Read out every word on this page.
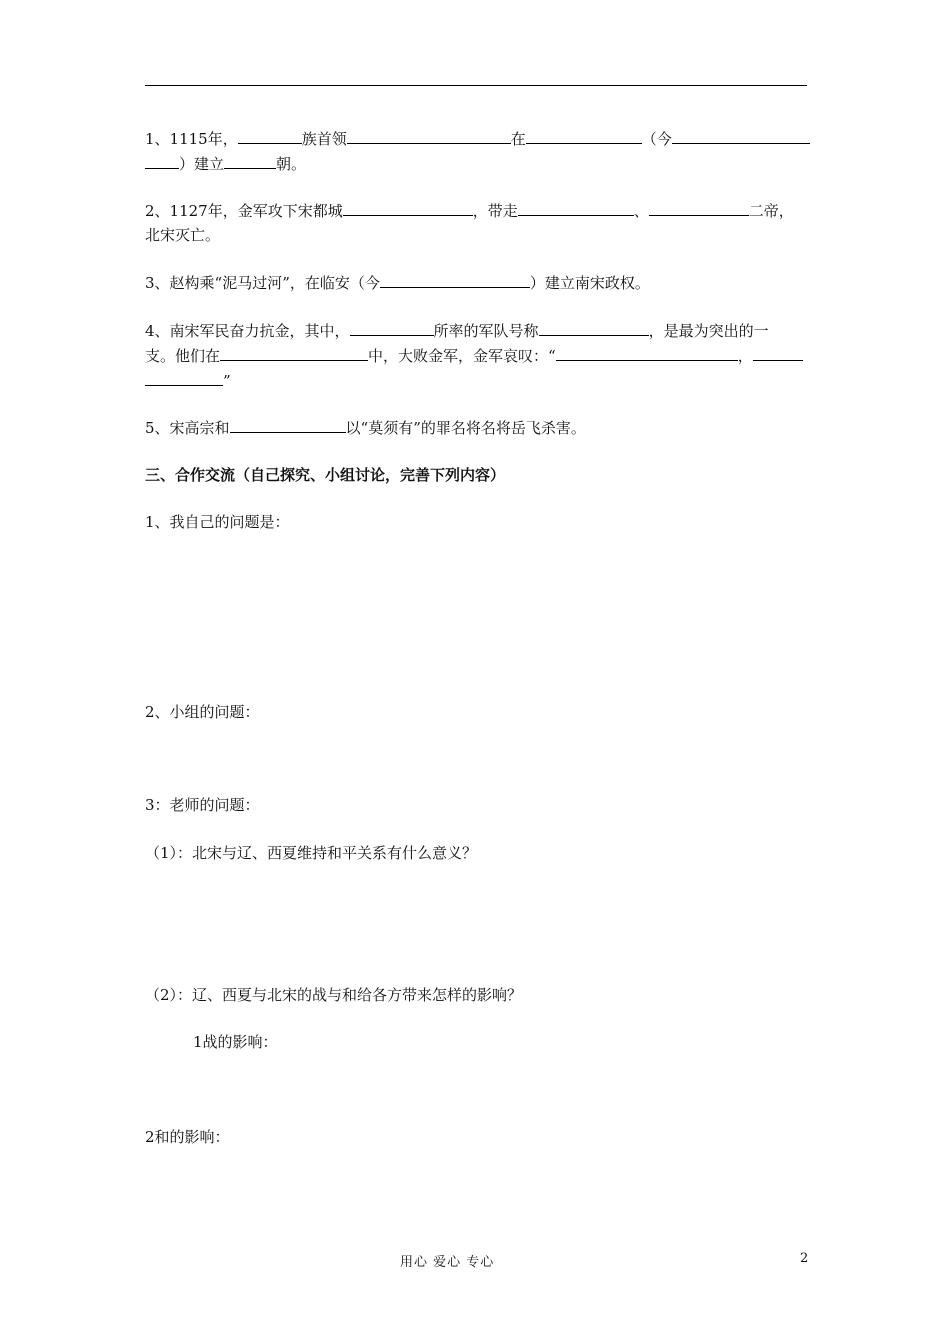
1、1115年，	族首领	在	（今
）建立	朝。
2、1127年，金军攻下宋都城	，带走	、	二帝，
北宋灭亡。
3、赵构乘“泥马过河”，在临安（今	）建立南宋政权。
4、南宋军民奋力抗金，其中，	所率的军队号称	，是最为突出的一
支。他们在	中，大败金军，金军哀叹：“	，
”
5、宋高宗和	以“莫须有”的罪名将名将岳飞杀害。
三、合作交流（自己探究、小组讨论，完善下列内容）
1、我自己的问题是：
2、小组的问题：
3：老师的问题：
（1）：北宋与辽、西夏维持和平关系有什么意义？
（2）：辽、西夏与北宋的战与和给各方带来怎样的影响？
1战的影响：
2和的影响：
用心 爱心 专心	2
